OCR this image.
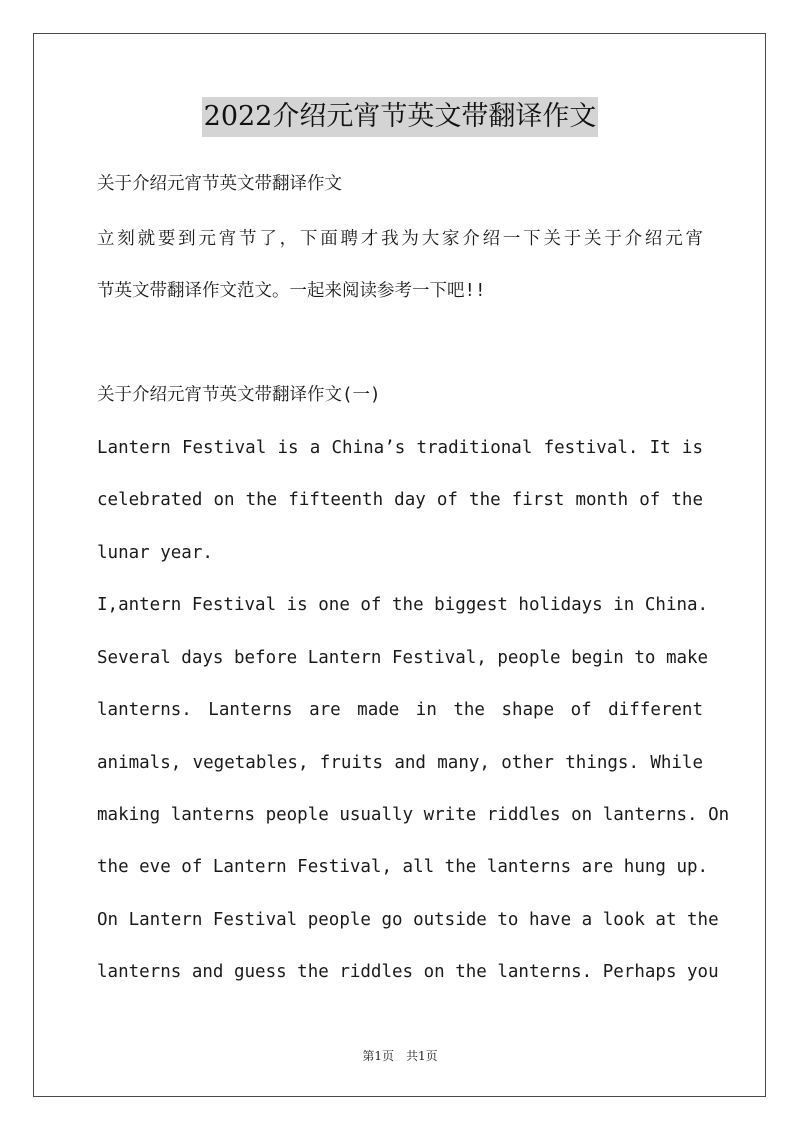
2022介绍元宵节英文带翻译作文
关于介绍元宵节英文带翻译作文
立刻就要到元宵节了，下面聘才我为大家介绍一下关于关于介绍元宵
节英文带翻译作文范文。一起来阅读参考一下吧!!
关于介绍元宵节英文带翻译作文(一)
Lantern Festival is a China’s traditional festival. It is
celebrated on the fifteenth day of the first month of the
lunar year.
I,antern Festival is one of the biggest holidays in China.
Several days before Lantern Festival, people begin to make
lanterns. Lanterns are made in the shape of different
animals, vegetables, fruits and many, other things. While
making lanterns people usually write riddles on lanterns. On
the eve of Lantern Festival, all the lanterns are hung up.
On Lantern Festival people go outside to have a look at the
lanterns and guess the riddles on the lanterns. Perhaps you
第1页 共1页
